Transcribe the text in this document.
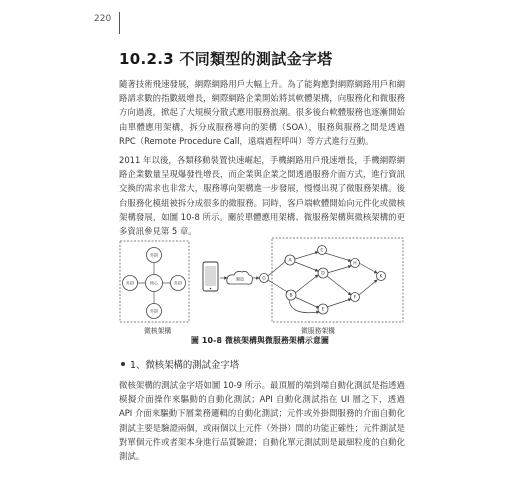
220
10.2.3 不同類型的測試金字塔

隨著技術飛速發展，網際網路用戶大幅上升。為了能夠應對網際網路用戶和網路請求數的指數級增長，網際網路企業開始將其軟體架構，向服務化和微服務方向過渡，掀起了大規模分散式應用服務浪潮。很多後台軟體服務也逐漸開始由單體應用架構，拆分成服務導向的架構（SOA），服務與服務之間是透過 RPC（Remote Procedure Call，遠端過程呼叫）等方式進行互動。

2011 年以後，各類移動裝置快速崛起，手機網路用戶飛速增長，手機網際網路企業數量呈現爆發性增長，而企業與企業之間透過服務介面方式，進行資訊交換的需求也非常大，服務導向架構進一步發展，慢慢出現了微服務架構。後台服務化模組被拆分成很多的微服務。同時，客戶端軟體開始向元件化或微核架構發展，如圖 10-8 所示。關於單體應用架構、微服務架構與微核架構的更多資訊參見第 5 章。

外掛
外掛	核心	外掛
外掛
閘道	G
A
C
D
B
E
H
F
K
微核架構	微服務架構
圖 10-8 微核架構與微服務架構示意圖
1、微核架構的測試金字塔

微核架構的測試金字塔如圖 10-9 所示。最頂層的端到端自動化測試是指透過模擬介面操作來驅動的自動化測試；API 自動化測試指在 UI 層之下，透過 API 介面來驅動下層業務邏輯的自動化測試；元件或外掛間服務的介面自動化測試主要是驗證兩個，或兩個以上元件（外掛）間的功能正確性；元件測試是對單個元件或者架本身進行品質驗證；自動化單元測試則是最細粒度的自動化測試。
